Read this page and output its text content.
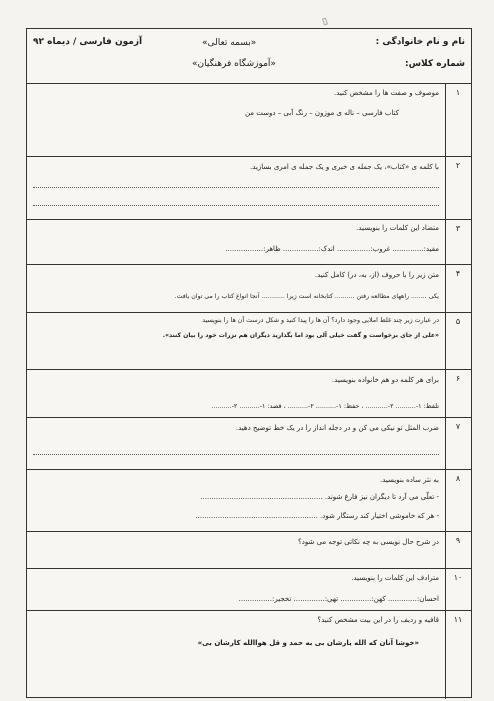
نام و نام خانوادگی :
شماره کلاس:
«بسمه تعالی»
«آموزشگاه فرهنگیان»
آزمون فارسی / دیماه ۹۲
۱
موصوف و صفت ها را مشخص کنید.
کتاب فارسی – ناله ی موزون – رنگ آبی – دوست من
۲
با کلمه ی «کتاب»، یک جمله ی خبری و یک جمله ی امری بسازید.
۳
متضاد این کلمات را بنویسید.
مفید:.............. غروب:............... اندک:................ ظاهر:.................
۴
متن زیر را با حروف (از، به، در) کامل کنید.
یکی ........ راههای مطالعه رفتن .......... کتابخانه است زیرا ............ آنجا انواع کتاب را می توان یافت.
۵
در عبارت زیر چند غلط املایی وجود دارد؟ آن ها را پیدا کنید و شکل درست آن ها را بنویسید
«علی از جای برخواست و گفت خیلی آلی بود اما بگذارید دیگران هم نزرات خود را بیان کنند».
۶
برای هر کلمه دو هم خانواده بنویسید.
تلفظ: ۱-.......... ۲-........... ، حفظ: ۱-.......... ۲-.......... ، قصد: ۱-.......... ۲-..........
۷
ضرب المثل تو نیکی می کن و در دجله انداز را در یک خط توضیح دهید.
۸
به نثر ساده بنویسید.
- تعلّی می آرد تا دیگران نیز فارغ شوند. .......................................................
- هر که خاموشی اختیار کند رستگار شود. .......................................................
۹
در شرح حال نویسی به چه نکاتی توجه می شود؟
۱۰
مترادف این کلمات را بنویسید.
احسان:............. کهن:.............. تهی:.............. تخجیر:...............
۱۱
قافیه و ردیف را در این بیت مشخص کنید؟
«خوشا آنان که الله یارشان بی به حمد و قل هواالله کارشان بی»
